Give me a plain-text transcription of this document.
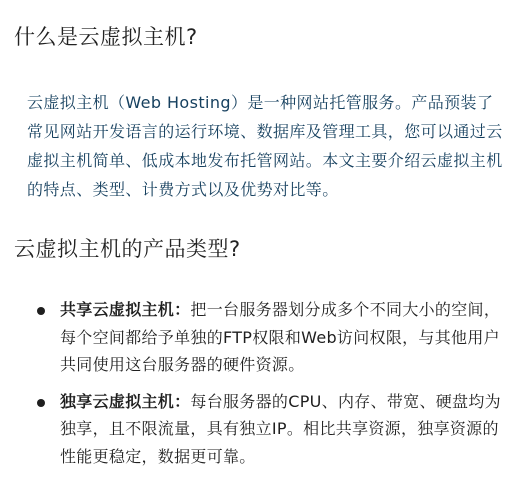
什么是云虚拟主机?

云虚拟主机（Web Hosting）是一种网站托管服务。产品预装了常见网站开发语言的运行环境、数据库及管理工具，您可以通过云虚拟主机简单、低成本地发布托管网站。本文主要介绍云虚拟主机的特点、类型、计费方式以及优势对比等。

云虚拟主机的产品类型?
共享云虚拟主机：把一台服务器划分成多个不同大小的空间，每个空间都给予单独的FTP权限和Web访问权限，与其他用户共同使用这台服务器的硬件资源。
独享云虚拟主机：每台服务器的CPU、内存、带宽、硬盘均为独享，且不限流量，具有独立IP。相比共享资源，独享资源的性能更稳定，数据更可靠。
